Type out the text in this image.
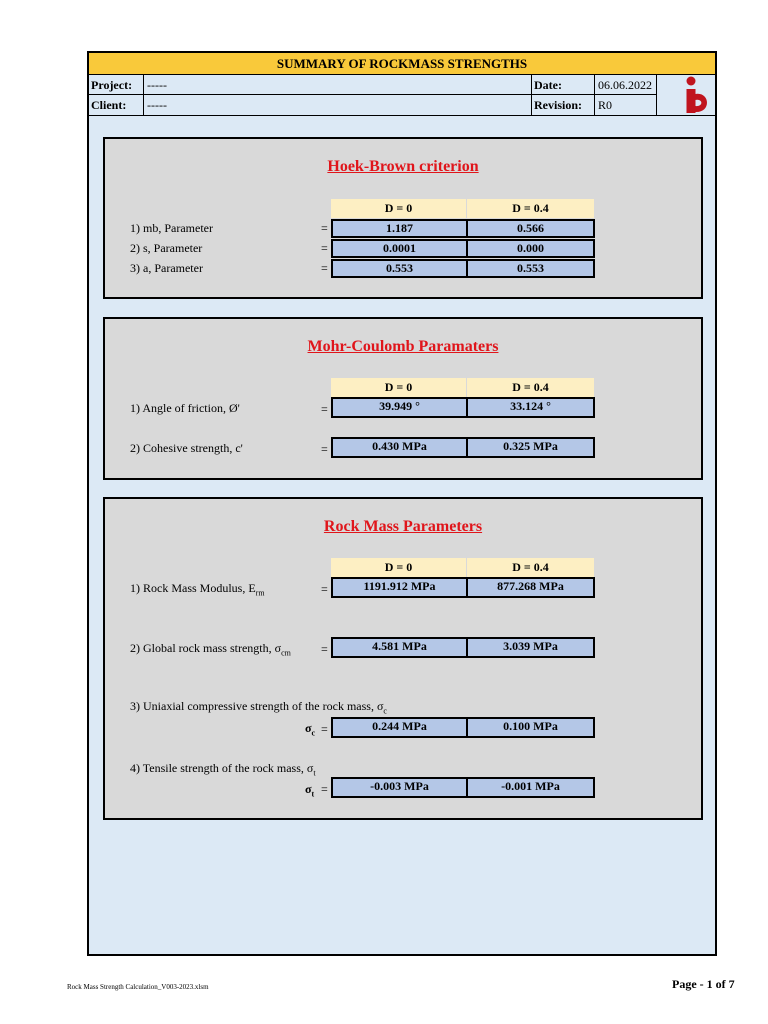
SUMMARY OF ROCKMASS STRENGTHS
Project:	-----
Client:	-----
Date:	06.06.2022
Revision:	R0
Hoek-Brown criterion
D = 0	D = 0.4
1) mb, Parameter	=	1.187	0.566
2) s, Parameter	=	0.0001	0.000
3) a, Parameter	=	0.553	0.553
Mohr-Coulomb Paramaters
D = 0	D = 0.4
1) Angle of friction, Ø'	=	39.949 °	33.124 °
2) Cohesive strength, c'	=	0.430 MPa	0.325 MPa
Rock Mass Parameters
D = 0	D = 0.4
1) Rock Mass Modulus, $E_{rm}$	=	1191.912 MPa	877.268 MPa
2) Global rock mass strength, $\sigma_{cm}$	=	4.581 MPa	3.039 MPa
3) Uniaxial compressive strength of the rock mass, $\sigma_c$
$\sigma_c$ =	0.244 MPa	0.100 MPa
4) Tensile strength of the rock mass, $\sigma_t$
$\sigma_t$ =	-0.003 MPa	-0.001 MPa
Rock Mass Strength Calculation_V003-2023.xlsm	Page - 1 of 7
